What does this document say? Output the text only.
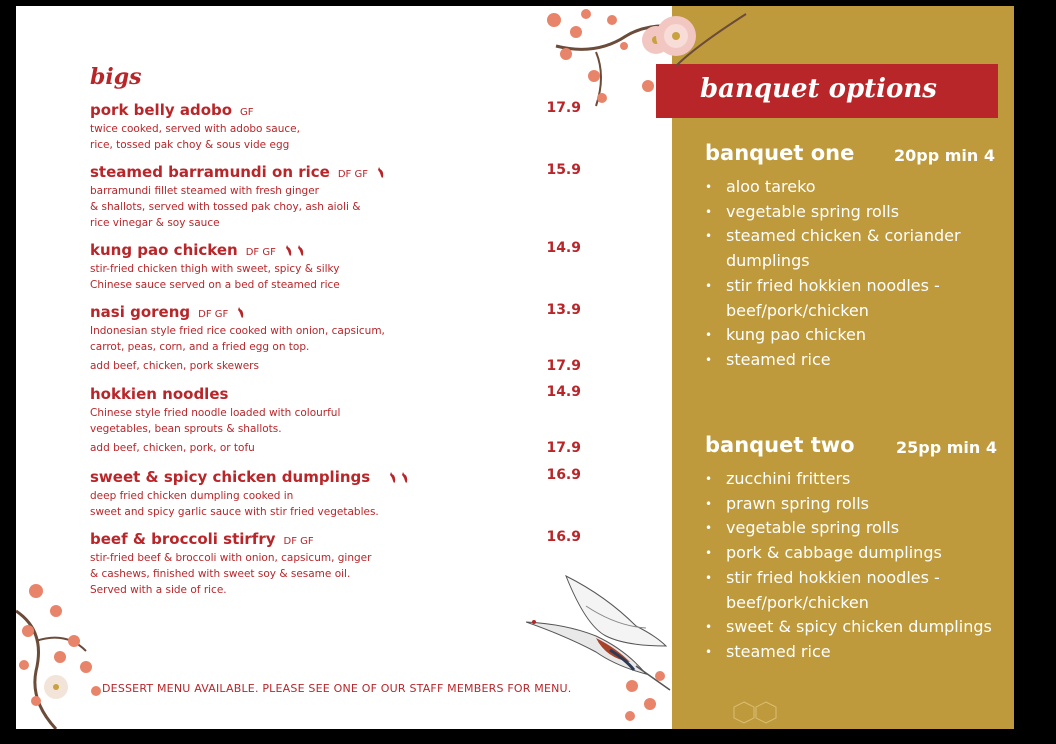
bigs
pork belly adobo GF	17.9
twice cooked, served with adobo sauce,
rice, tossed pak choy & sous vide egg
steamed barramundi on rice DF GF	15.9
barramundi fillet steamed with fresh ginger
& shallots, served with tossed pak choy, ash aioli &
rice vinegar & soy sauce
kung pao chicken DF GF	14.9
stir-fried chicken thigh with sweet, spicy & silky
Chinese sauce served on a bed of steamed rice
nasi goreng DF GF	13.9
Indonesian style fried rice cooked with onion, capsicum,
carrot, peas, corn, and a fried egg on top.
add beef, chicken, pork skewers	17.9
hokkien noodles	14.9
Chinese style fried noodle loaded with colourful
vegetables, bean sprouts & shallots.
add beef, chicken, pork, or tofu	17.9
sweet & spicy chicken dumplings	16.9
deep fried chicken dumpling cooked in
sweet and spicy garlic sauce with stir fried vegetables.
beef & broccoli stirfry DF GF	16.9
stir-fried beef & broccoli with onion, capsicum, ginger
& cashews, finished with sweet soy & sesame oil.
Served with a side of rice.
DESSERT MENU AVAILABLE. PLEASE SEE ONE OF OUR STAFF MEMBERS FOR MENU.
banquet options
banquet one 20pp min 4
• aloo tareko
• vegetable spring rolls
• steamed chicken & coriander dumplings
• stir fried hokkien noodles - beef/pork/chicken
• kung pao chicken
• steamed rice
banquet two	25pp min 4
• zucchini fritters
• prawn spring rolls
• vegetable spring rolls
• pork & cabbage dumplings
• stir fried hokkien noodles - beef/pork/chicken
• sweet & spicy chicken dumplings
• steamed rice
